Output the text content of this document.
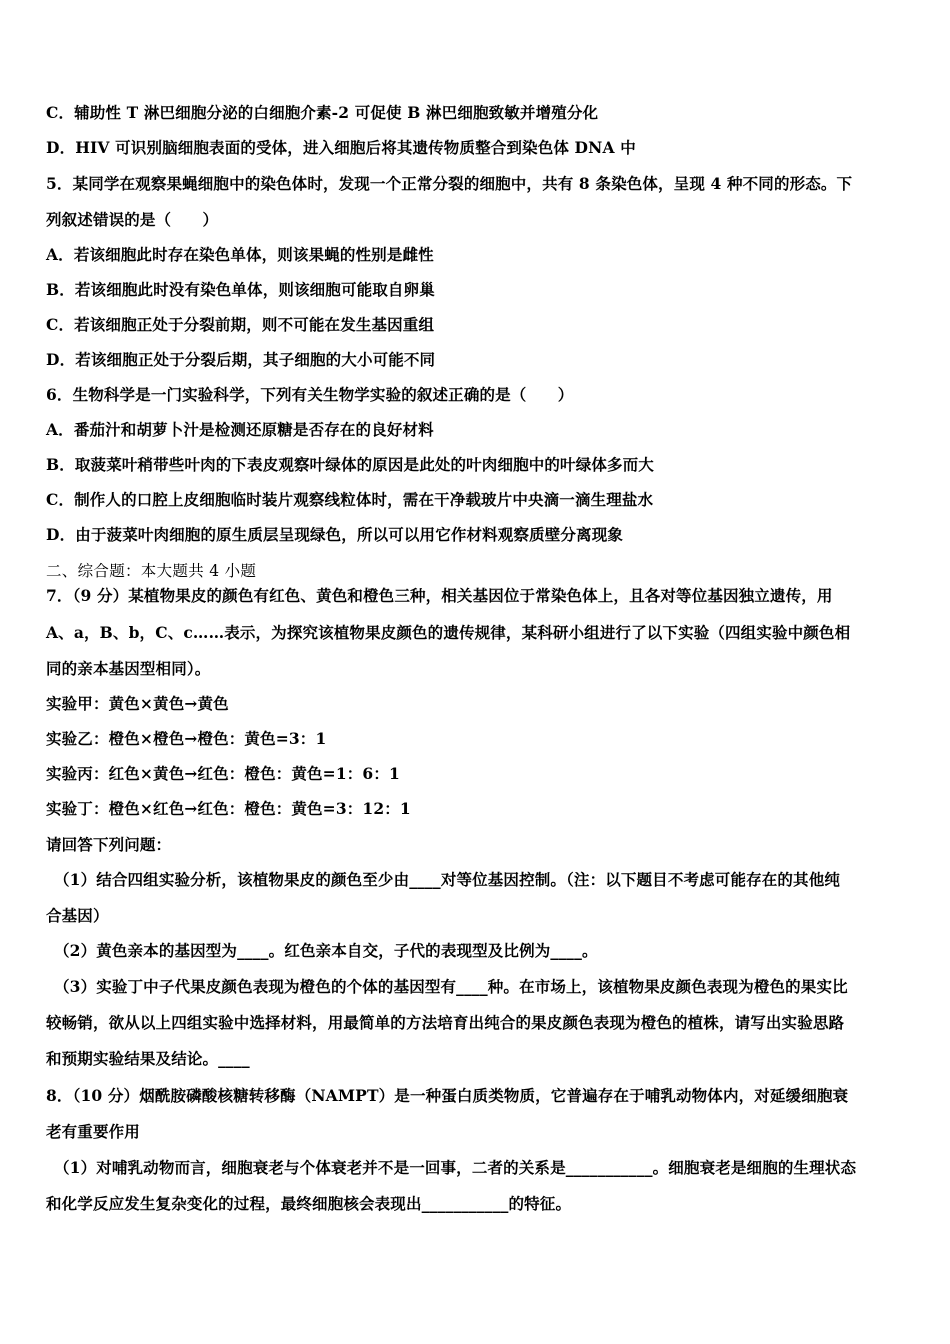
C．辅助性 T 淋巴细胞分泌的白细胞介素-2 可促使 B 淋巴细胞致敏并增殖分化
D．HIV 可识别脑细胞表面的受体，进入细胞后将其遗传物质整合到染色体 DNA 中
5．某同学在观察果蝇细胞中的染色体时，发现一个正常分裂的细胞中，共有 8 条染色体，呈现 4 种不同的形态。下
列叙述错误的是（　　）
A．若该细胞此时存在染色单体，则该果蝇的性别是雌性
B．若该细胞此时没有染色单体，则该细胞可能取自卵巢
C．若该细胞正处于分裂前期，则不可能在发生基因重组
D．若该细胞正处于分裂后期，其子细胞的大小可能不同
6．生物科学是一门实验科学，下列有关生物学实验的叙述正确的是（　　）
A．番茄汁和胡萝卜汁是检测还原糖是否存在的良好材料
B．取菠菜叶稍带些叶肉的下表皮观察叶绿体的原因是此处的叶肉细胞中的叶绿体多而大
C．制作人的口腔上皮细胞临时装片观察线粒体时，需在干净载玻片中央滴一滴生理盐水
D．由于菠菜叶肉细胞的原生质层呈现绿色，所以可以用它作材料观察质壁分离现象
二、综合题：本大题共 4 小题
7．（9 分）某植物果皮的颜色有红色、黄色和橙色三种，相关基因位于常染色体上，且各对等位基因独立遗传，用
A、a，B、b，C、c……表示，为探究该植物果皮颜色的遗传规律，某科研小组进行了以下实验（四组实验中颜色相
同的亲本基因型相同）。
实验甲：黄色×黄色→黄色
实验乙：橙色×橙色→橙色：黄色=3：1
实验丙：红色×黄色→红色：橙色：黄色=1：6：1
实验丁：橙色×红色→红色：橙色：黄色=3：12：1
请回答下列问题：
（1）结合四组实验分析，该植物果皮的颜色至少由____对等位基因控制。（注：以下题目不考虑可能存在的其他纯
合基因）
（2）黄色亲本的基因型为____。红色亲本自交，子代的表现型及比例为____。
（3）实验丁中子代果皮颜色表现为橙色的个体的基因型有____种。在市场上，该植物果皮颜色表现为橙色的果实比
较畅销，欲从以上四组实验中选择材料，用最简单的方法培育出纯合的果皮颜色表现为橙色的植株，请写出实验思路
和预期实验结果及结论。____
8．（10 分）烟酰胺磷酸核糖转移酶（NAMPT）是一种蛋白质类物质，它普遍存在于哺乳动物体内，对延缓细胞衰
老有重要作用
（1）对哺乳动物而言，细胞衰老与个体衰老并不是一回事，二者的关系是___________。细胞衰老是细胞的生理状态
和化学反应发生复杂变化的过程，最终细胞核会表现出___________的特征。
